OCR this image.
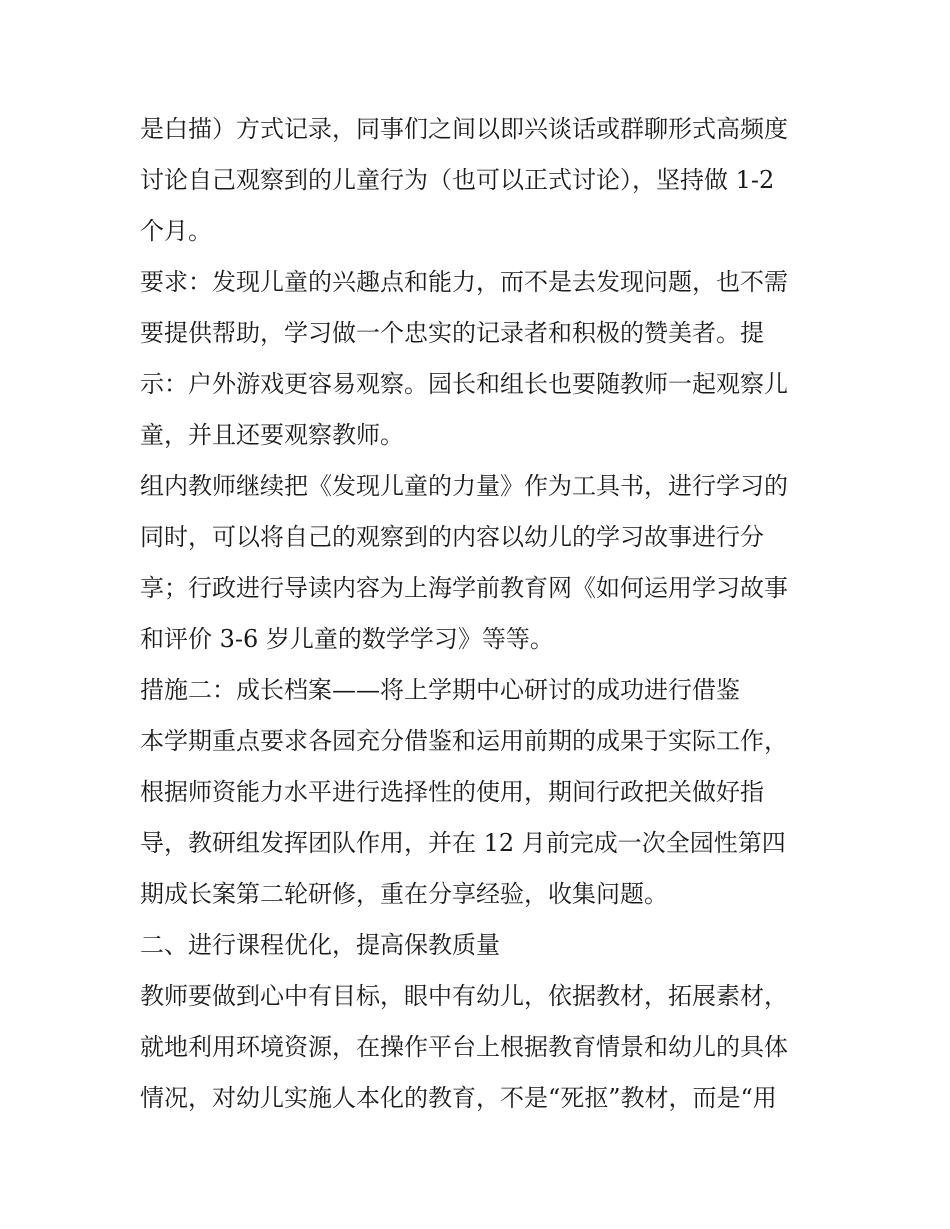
是白描）方式记录，同事们之间以即兴谈话或群聊形式高频度

讨论自己观察到的儿童行为（也可以正式讨论），坚持做 1-2

个月。

要求：发现儿童的兴趣点和能力，而不是去发现问题，也不需

要提供帮助，学习做一个忠实的记录者和积极的赞美者。提

示：户外游戏更容易观察。园长和组长也要随教师一起观察儿

童，并且还要观察教师。

组内教师继续把《发现儿童的力量》作为工具书，进行学习的

同时，可以将自己的观察到的内容以幼儿的学习故事进行分

享；行政进行导读内容为上海学前教育网《如何运用学习故事

和评价 3-6 岁儿童的数学学习》等等。

措施二：成长档案——将上学期中心研讨的成功进行借鉴

本学期重点要求各园充分借鉴和运用前期的成果于实际工作，

根据师资能力水平进行选择性的使用，期间行政把关做好指

导，教研组发挥团队作用，并在 12 月前完成一次全园性第四

期成长案第二轮研修，重在分享经验，收集问题。

二、进行课程优化，提高保教质量

教师要做到心中有目标，眼中有幼儿，依据教材，拓展素材，

就地利用环境资源，在操作平台上根据教育情景和幼儿的具体

情况，对幼儿实施人本化的教育，不是“死抠”教材，而是“用
